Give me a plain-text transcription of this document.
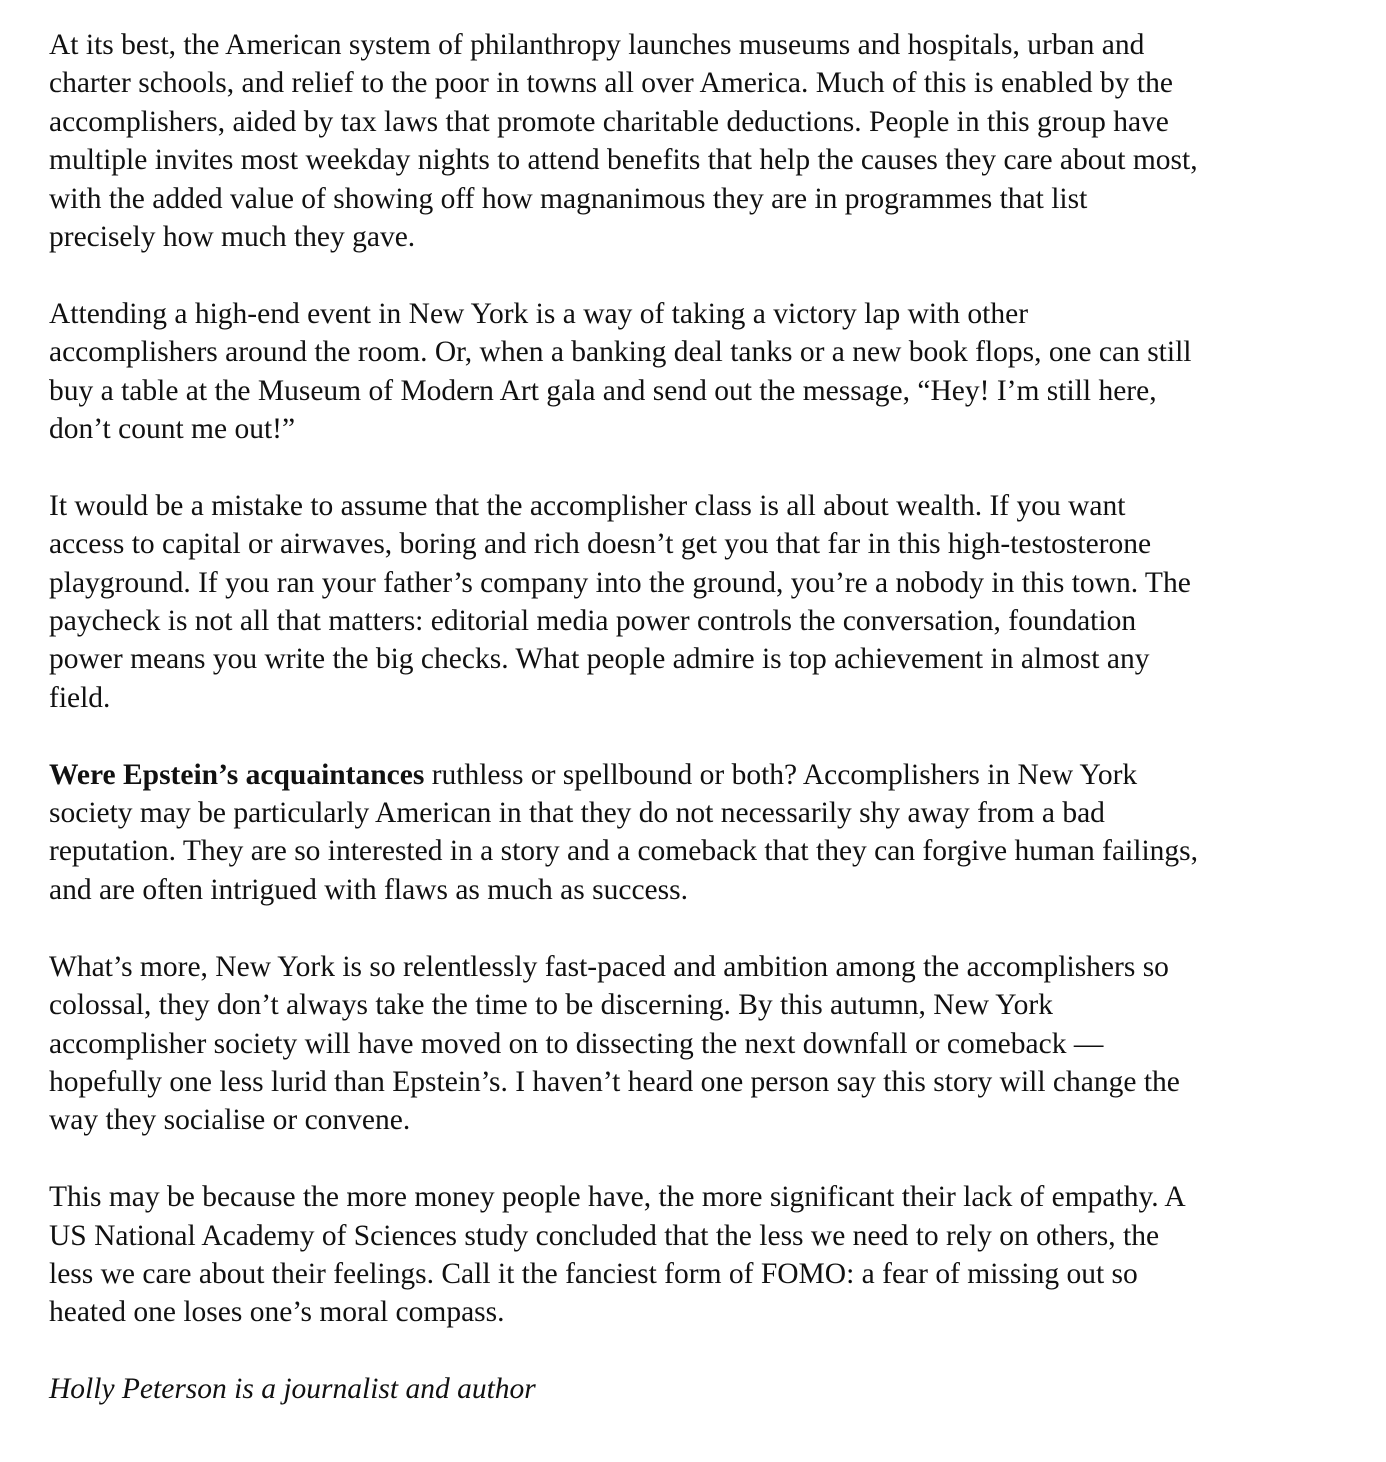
At its best, the American system of philanthropy launches museums and hospitals, urban and
charter schools, and relief to the poor in towns all over America. Much of this is enabled by the
accomplishers, aided by tax laws that promote charitable deductions. People in this group have
multiple invites most weekday nights to attend benefits that help the causes they care about most,
with the added value of showing off how magnanimous they are in programmes that list
precisely how much they gave.

Attending a high-end event in New York is a way of taking a victory lap with other
accomplishers around the room. Or, when a banking deal tanks or a new book flops, one can still
buy a table at the Museum of Modern Art gala and send out the message, “Hey! I’m still here,
don’t count me out!”

It would be a mistake to assume that the accomplisher class is all about wealth. If you want
access to capital or airwaves, boring and rich doesn’t get you that far in this high-testosterone
playground. If you ran your father’s company into the ground, you’re a nobody in this town. The
paycheck is not all that matters: editorial media power controls the conversation, foundation
power means you write the big checks. What people admire is top achievement in almost any
field.

Were Epstein’s acquaintances ruthless or spellbound or both? Accomplishers in New York
society may be particularly American in that they do not necessarily shy away from a bad
reputation. They are so interested in a story and a comeback that they can forgive human failings,
and are often intrigued with flaws as much as success.

What’s more, New York is so relentlessly fast-paced and ambition among the accomplishers so
colossal, they don’t always take the time to be discerning. By this autumn, New York
accomplisher society will have moved on to dissecting the next downfall or comeback —
hopefully one less lurid than Epstein’s. I haven’t heard one person say this story will change the
way they socialise or convene.

This may be because the more money people have, the more significant their lack of empathy. A
US National Academy of Sciences study concluded that the less we need to rely on others, the
less we care about their feelings. Call it the fanciest form of FOMO: a fear of missing out so
heated one loses one’s moral compass.

Holly Peterson is a journalist and author
